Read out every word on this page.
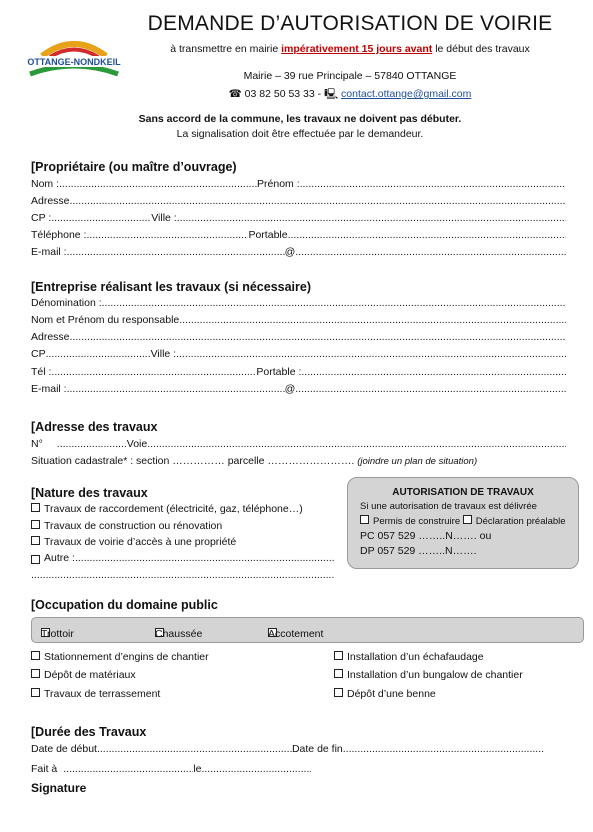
OTTANGE-NONDKEIL
DEMANDE D’AUTORISATION DE VOIRIE
à transmettre en mairie impérativement 15 jours avant le début des travaux
Mairie – 39 rue Principale – 57840 OTTANGE
☎ 03 82 50 53 33 - 🖳 contact.ottange@gmail.com
Sans accord de la commune, les travaux ne doivent pas débuter.
La signalisation doit être effectuée par le demandeur.
[Propriétaire (ou maître d’ouvrage)
Nom : .....	Prénom :
.....
Adresse
.....
CP : .....	Ville :
.....
Téléphone : .....	Portable
.....
E-mail : .....	@
.....
[Entreprise réalisant les travaux (si nécessaire)
Dénomination :
.....
Nom et Prénom du responsable
.....
Adresse
.....
CP .....	Ville :
.....
Tél : .....	Portable :
.....
E-mail : .....	@
.....
[Adresse des travaux
N° .....	Voie
.....
Situation cadastrale* : section …………… parcelle ……………………. (joindre un plan de situation)
[Nature des travaux
Travaux de raccordement (électricité, gaz, téléphone…)
Travaux de construction ou rénovation
Travaux de voirie d’accès à une propriété
Autre :
.....
.....
AUTORISATION DE TRAVAUX
Si une autorisation de travaux est délivrée
Permis de construire Déclaration préalable
PC 057 529 ……..N……. ou
DP 057 529 ……..N…….
[Occupation du domaine public
Trottoir	Chaussée	Accotement
Stationnement d’engins de chantier
Dépôt de matériaux
Travaux de terrassement
Installation d’un échafaudage
Installation d’un bungalow de chantier
Dépôt d’une benne
[Durée des Travaux
Date de début .....	Date de fin
.....
Fait à .....	le
.....
Signature
